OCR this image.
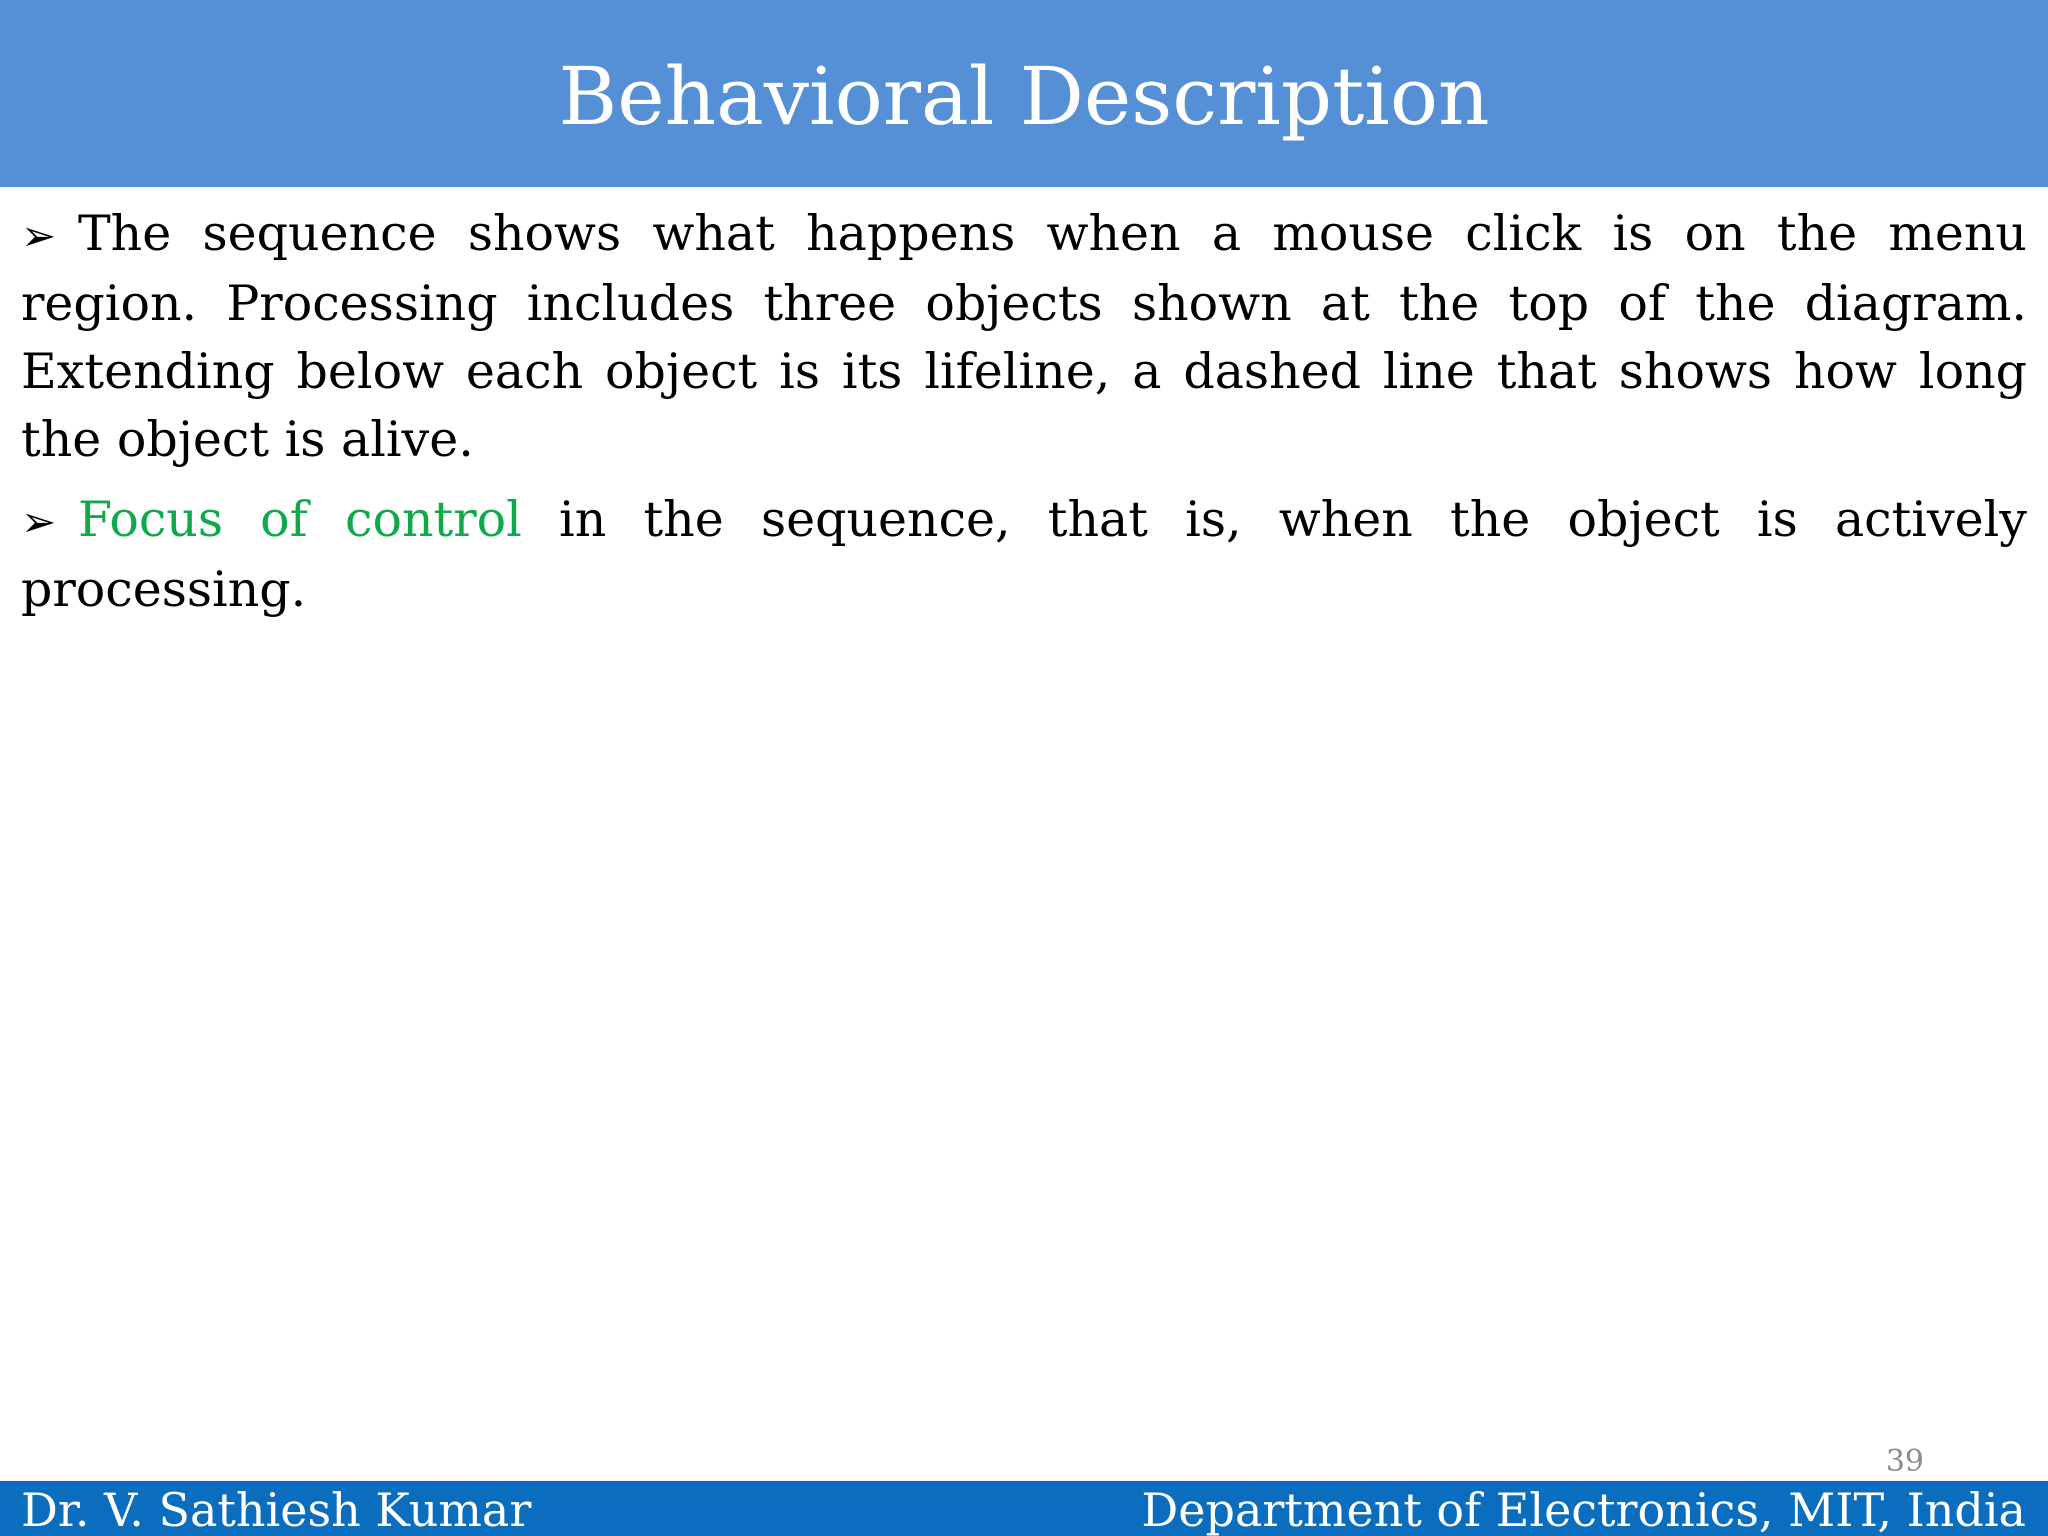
Behavioral Description

➢ The sequence shows what happens when a mouse click is on the menu region. Processing includes three objects shown at the top of the diagram. Extending below each object is its lifeline, a dashed line that shows how long the object is alive.

➢ Focus of control in the sequence, that is, when the object is actively processing.

39
Dr. V. Sathiesh Kumar	Department of Electronics, MIT, India
